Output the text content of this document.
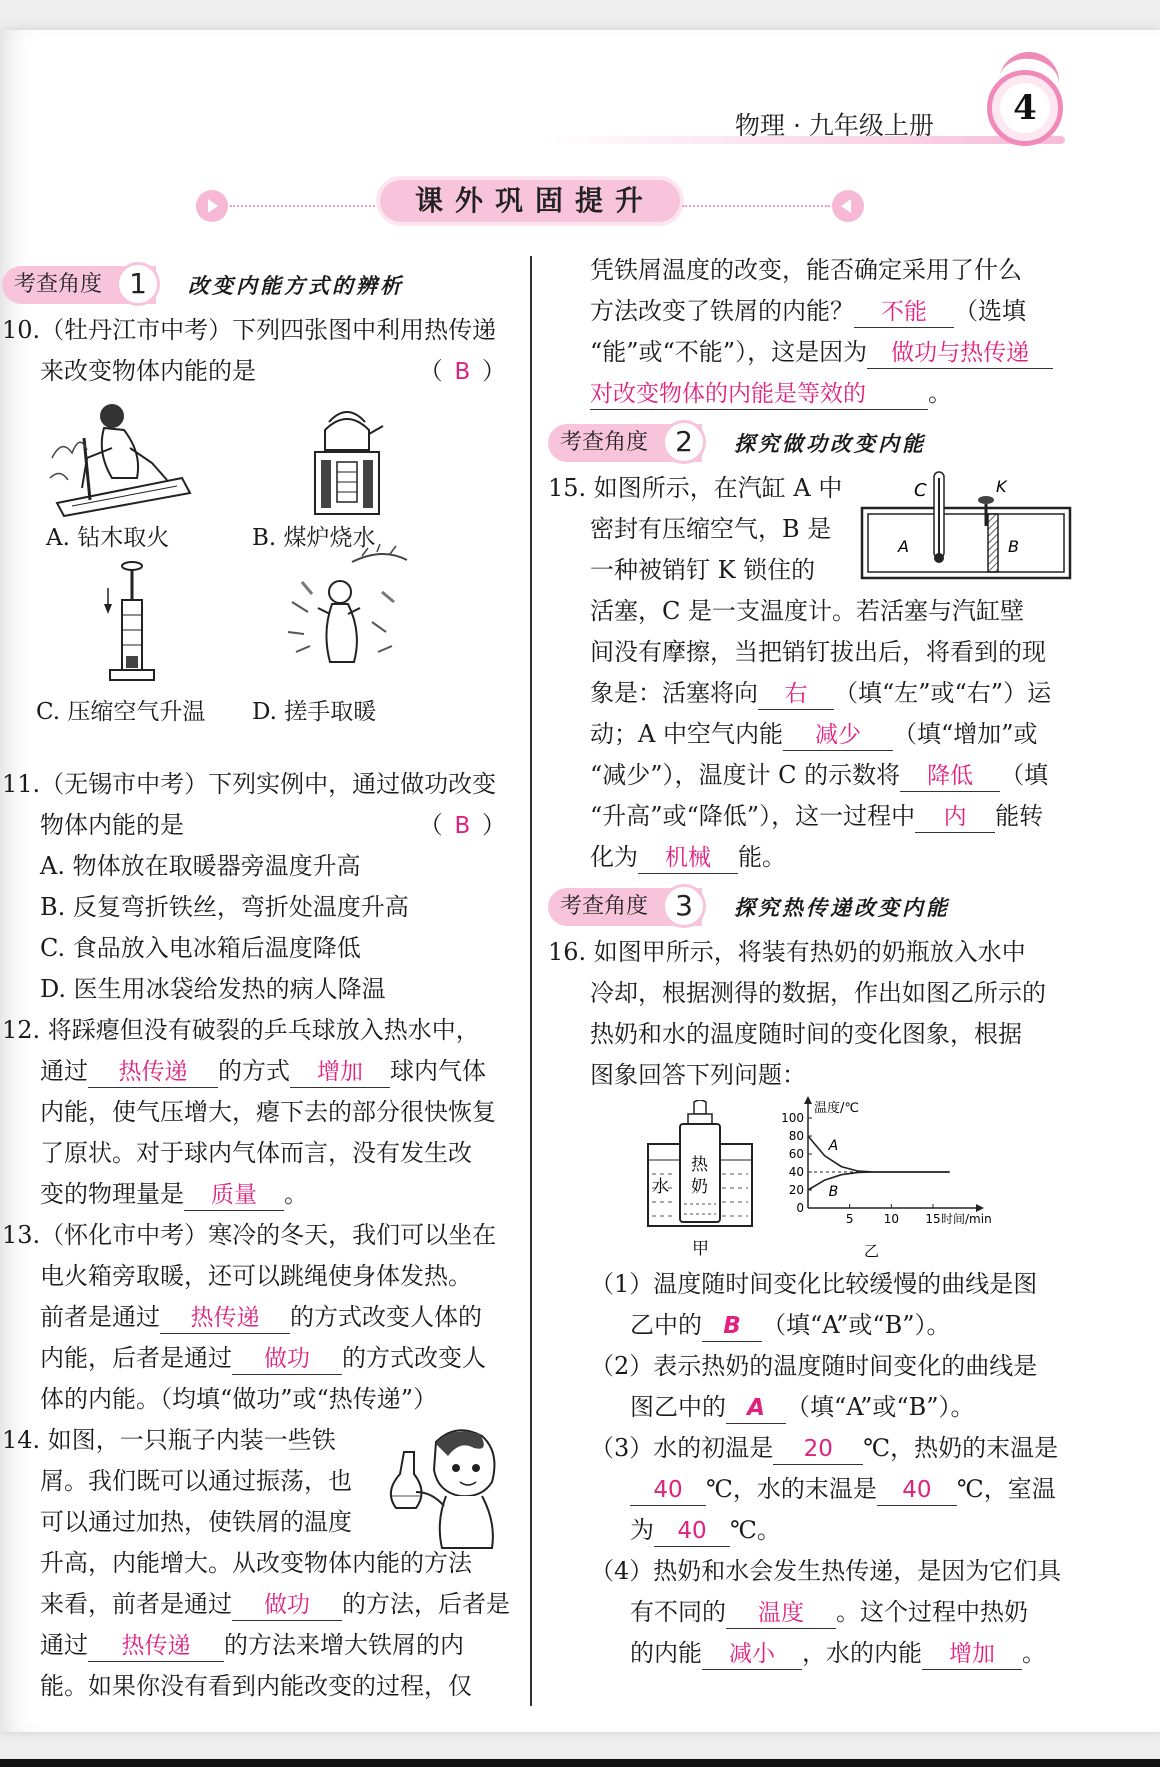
物理 · 九年级上册	4
课外巩固提升
考查角度 1	改变内能方式的辨析

10.（牡丹江市中考）下列四张图中利用热传递

来改变物体内能的是	（ B ）

A. 钻木取火	B. 煤炉烧水
C. 压缩空气升温 D. 搓手取暖

11.（无锡市中考）下列实例中，通过做功改变

物体内能的是	（ B ）

A. 物体放在取暖器旁温度升高

B. 反复弯折铁丝，弯折处温度升高

C. 食品放入电冰箱后温度降低

D. 医生用冰袋给发热的病人降温

12. 将踩瘪但没有破裂的乒乓球放入热水中，

通过 热传递 的方式 增加 球内气体

内能，使气压增大，瘪下去的部分很快恢复

了原状。对于球内气体而言，没有发生改

变的物理量是 质量 。

13.（怀化市中考）寒冷的冬天，我们可以坐在

电火箱旁取暖，还可以跳绳使身体发热。

前者是通过 热传递 的方式改变人体的

内能，后者是通过 做功 的方式改变人

体的内能。（均填“做功”或“热传递”）

14. 如图，一只瓶子内装一些铁

屑。我们既可以通过振荡，也

可以通过加热，使铁屑的温度

升高，内能增大。从改变物体内能的方法

来看，前者是通过 做功 的方法，后者是

通过 热传递 的方法来增大铁屑的内

能。如果你没有看到内能改变的过程，仅

凭铁屑温度的改变，能否确定采用了什么

方法改变了铁屑的内能？ 不能 （选填

“能”或“不能”），这是因为 做功与热传递

对改变物体的内能是等效的	。

考查角度 2	探究做功改变内能
C	K
A	B

15. 如图所示，在汽缸 A 中

密封有压缩空气，B 是

一种被销钉 K 锁住的

活塞，C 是一支温度计。若活塞与汽缸壁

间没有摩擦，当把销钉拔出后，将看到的现

象是：活塞将向 右 （填“左”或“右”）运

动；A 中空气内能 减少 （填“增加”或

“减少”），温度计 C 的示数将 降低 （填

“升高”或“降低”），这一过程中 内 能转

化为 机械 能。

考查角度 3	探究热传递改变内能

16. 如图甲所示，将装有热奶的奶瓶放入水中

冷却，根据测得的数据，作出如图乙所示的

热奶和水的温度随时间的变化图象，根据

图象回答下列问题：

热
奶
水
甲
温度/℃
0
20
40
60
80
100
5	10 15 时间/min
A
B
乙

（1）温度随时间变化比较缓慢的曲线是图

乙中的 B （填“A”或“B”）。

（2）表示热奶的温度随时间变化的曲线是

图乙中的 A （填“A”或“B”）。

（3）水的初温是 20 ℃，热奶的末温是

40 ℃，水的末温是 40 ℃，室温

为 40 ℃。

（4）热奶和水会发生热传递，是因为它们具

有不同的 温度 。这个过程中热奶

的内能 减小 ，水的内能 增加 。
